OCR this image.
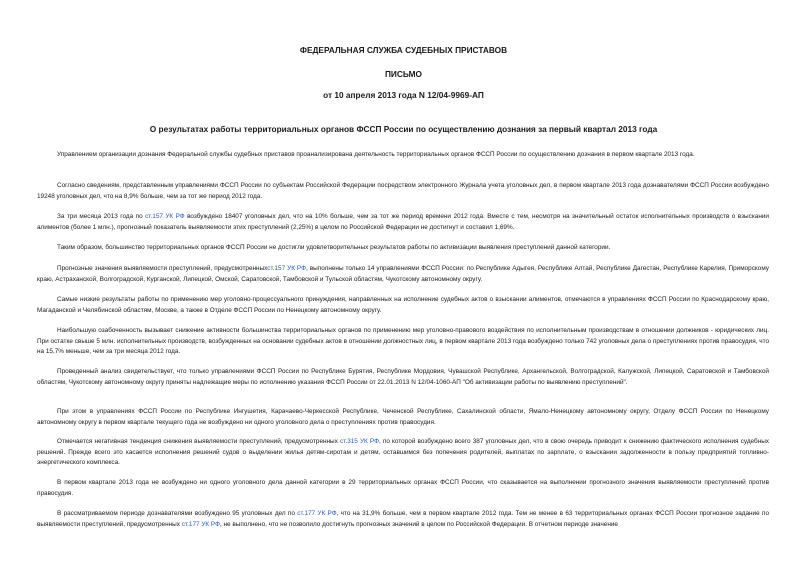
ФЕДЕРАЛЬНАЯ СЛУЖБА СУДЕБНЫХ ПРИСТАВОВ
ПИСЬМО
от 10 апреля 2013 года N 12/04-9969-АП
О результатах работы территориальных органов ФССП России по осуществлению дознания за первый квартал 2013 года

Управлением организации дознания Федеральной службы судебных приставов проанализирована деятельность территориальных органов ФССП России по осуществлению дознания в первом квартале 2013 года.

Согласно сведениям, представленным управлениями ФССП России по субъектам Российской Федерации посредством электронного Журнала учета уголовных дел, в первом квартале 2013 года дознавателями ФССП России возбуждено 19248 уголовных дел, что на 8,9% больше, чем за тот же период 2012 года.

За три месяца 2013 года по ст.157 УК РФ возбуждено 18407 уголовных дел, что на 10% больше, чем за тот же период времени 2012 года. Вместе с тем, несмотря на значительный остаток исполнительных производств о взыскании алиментов (более 1 млн.), прогнозный показатель выявляемости этих преступлений (2,25%) в целом по Российской Федерации не достигнут и составил 1,69%.

Таким образом, большинство территориальных органов ФССП России не достигли удовлетворительных результатов работы по активизации выявления преступлений данной категории.

Прогнозные значения выявляемости преступлений, предусмотренныхст.157 УК РФ, выполнены только 14 управлениями ФССП России: по Республике Адыгея, Республике Алтай, Республике Дагестан, Республике Карелия, Приморскому краю, Астраханской, Волгоградской, Курганской, Липецкой, Омской, Саратовской, Тамбовской и Тульской областям, Чукотскому автономному округу.

Самые низкие результаты работы по применению мер уголовно-процессуального принуждения, направленных на исполнение судебных актов о взыскании алиментов, отмечаются в управлениях ФССП России по Краснодарскому краю, Магаданской и Челябинской областям, Москве, а также в Отделе ФССП России по Ненецкому автономному округу.

Наибольшую озабоченность вызывает снижение активности большинства территориальных органов по применению мер уголовно-правового воздействия по исполнительным производствам в отношении должников - юридических лиц. При остатке свыше 5 млн. исполнительных производств, возбужденных на основании судебных актов в отношении должностных лиц, в первом квартале 2013 года возбуждено только 742 уголовных дела о преступлениях против правосудия, что на 15,7% меньше, чем за три месяца 2012 года.

Проведенный анализ свидетельствует, что только управлениями ФССП России по Республике Бурятия, Республике Мордовия, Чувашской Республике, Архангельской, Волгоградской, Калужской, Липецкой, Саратовской и Тамбовской областям, Чукотскому автономному округу приняты надлежащие меры по исполнению указания ФССП России от 22.01.2013 N 12/04-1060-АП "Об активизации работы по выявлению преступлений".

При этом в управлениях ФССП России по Республике Ингушетия, Карачаево-Черкесской Республике, Чеченской Республике, Сахалинской области, Ямало-Ненецкому автономному округу, Отделу ФССП России по Ненецкому автономному округу в первом квартале текущего года не возбуждено ни одного уголовного дела о преступлениях против правосудия.

Отмечается негативная тенденция снижения выявляемости преступлений, предусмотренных ст.315 УК РФ, по которой возбуждено всего 387 уголовных дел, что в свою очередь приводит к снижению фактического исполнения судебных решений. Прежде всего это касается исполнения решений судов о выделении жилья детям-сиротам и детям, оставшимся без попечения родителей, выплатах по зарплате, о взыскании задолженности в пользу предприятий топливно-энергетического комплекса.

В первом квартале 2013 года не возбуждено ни одного уголовного дела данной категории в 29 территориальных органах ФССП России, что сказывается на выполнении прогнозного значения выявляемости преступлений против правосудия.

В рассматриваемом периоде дознавателями возбуждено 95 уголовных дел по ст.177 УК РФ, что на 31,9% больше, чем в первом квартале 2012 года. Тем не менее в 63 территориальных органах ФССП России прогнозное задание по выявляемости преступлений, предусмотренных ст.177 УК РФ, не выполнено, что не позволило достигнуть прогнозных значений в целом по Российской Федерации. В отчетном периоде значение
